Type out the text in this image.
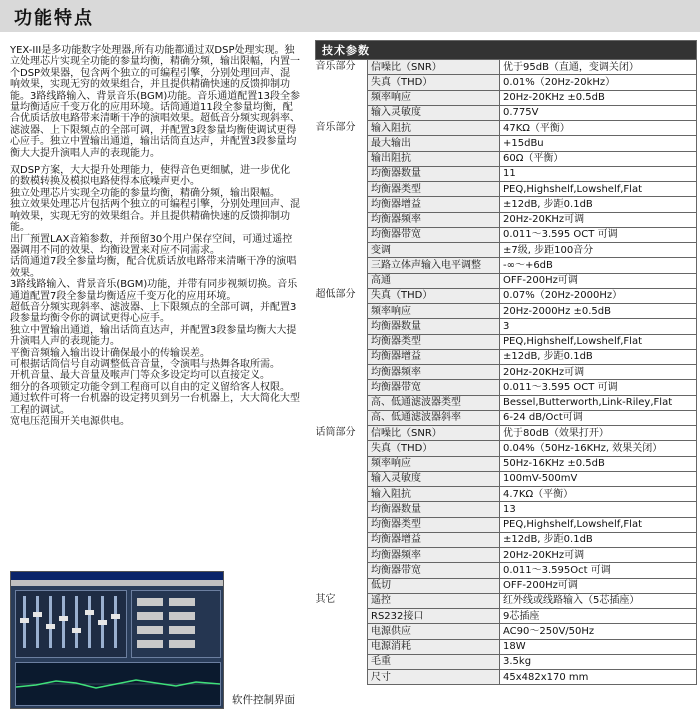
功能特点

YEX-III是多功能数字处理器,所有功能都通过双DSP处理实现。独立处理芯片实现全功能的参量均衡，精确分频，输出限幅，内置一个DSP效果器，包含两个独立的可编程引擎，分别处理回声、混响效果，实现无穷的效果组合，并且提供精确快速的反馈抑制功能。3路线路输入、背景音乐(BGM)功能。音乐通道配置13段全参量均衡适应千变万化的应用环境。话筒通道11段全参量均衡，配合优质话放电路带来清晰干净的演唱效果。超低音分频实现斜率、滤波器、上下限频点的全部可调，并配置3段参量均衡使调试更得心应手。独立中置输出通道，输出话筒直达声，并配置3段参量均衡大大提升演唱人声的表现能力。

双DSP方案，大大提升处理能力，使得音色更细腻，进一步优化的数模转换及模拟电路使得本底噪声更小。

独立处理芯片实现全功能的参量均衡，精确分频，输出限幅。

独立效果处理芯片包括两个独立的可编程引擎，分别处理回声、混响效果，实现无穷的效果组合。并且提供精确快速的反馈抑制功能。

出厂预置LAX音箱参数，并预留30个用户保存空间，可通过遥控器调用不同的效果、均衡设置来对应不同需求。

话筒通道7段全参量均衡，配合优质话放电路带来清晰干净的演唱效果。

3路线路输入、背景音乐(BGM)功能，并带有同步视频切换。音乐通道配置7段全参量均衡适应千变万化的应用环境。

超低音分频实现斜率、滤波器、上下限频点的全部可调，并配置3段参量均衡令你的调试更得心应手。

独立中置输出通道，输出话筒直达声，并配置3段参量均衡大大提升演唱人声的表现能力。

平衡音频输入输出设计确保最小的传输误差。

可根据话筒信号自动调整低音音量，令演唱与热舞各取所需。

开机音量、最大音量及喉声门等众多设定均可以直接定义。

细分的各项锁定功能令到工程商可以自由的定义留给客人权限。

通过软件可将一台机器的设定拷贝到另一台机器上，大大简化大型工程的调试。

宽电压范围开关电源供电。

软件控制界面
技术参数		
音乐部分	信噪比（SNR）	优于95dB（直通，变调关闭）
	失真（THD）	0.01%（20Hz-20kHz）
	频率响应	20Hz-20KHz ±0.5dB
	输入灵敏度	0.775V
音乐部分	输入阻抗	47KΩ（平衡）
	最大输出	+15dBu
	输出阻抗	60Ω（平衡）
	均衡器数量	11
	均衡器类型	PEQ,Highshelf,Lowshelf,Flat
	均衡器增益	±12dB, 步距0.1dB
	均衡器频率	20Hz-20KHz可调
	均衡器带宽	0.011～3.595 OCT 可调
	变调	±7级, 步距100音分
	三路立体声输入电平调整	-∞～+6dB
	高通	OFF-200Hz可调
超低部分	失真（THD）	0.07%（20Hz-2000Hz）
	频率响应	20Hz-2000Hz ±0.5dB
	均衡器数量	3
	均衡器类型	PEQ,Highshelf,Lowshelf,Flat
	均衡器增益	±12dB, 步距0.1dB
	均衡器频率	20Hz-20KHz可调
	均衡器带宽	0.011～3.595 OCT 可调
	高、低通滤波器类型	Bessel,Butterworth,Link-Riley,Flat
	高、低通滤波器斜率	6-24 dB/Oct可调
话筒部分	信噪比（SNR）	优于80dB（效果打开）
	失真（THD）	0.04%（50Hz-16KHz, 效果关闭）
	频率响应	50Hz-16KHz ±0.5dB
	输入灵敏度	100mV-500mV
	输入阻抗	4.7KΩ（平衡）
	均衡器数量	13
	均衡器类型	PEQ,Highshelf,Lowshelf,Flat
	均衡器增益	±12dB, 步距0.1dB
	均衡器频率	20Hz-20KHz可调
	均衡器带宽	0.011～3.595Oct 可调
	低切	OFF-200Hz可调
其它	遥控	红外线或线路输入（5芯插座）
	RS232接口	9芯插座
	电源供应	AC90～250V/50Hz
	电源消耗	18W
	毛重	3.5kg
	尺寸	45x482x170 mm
